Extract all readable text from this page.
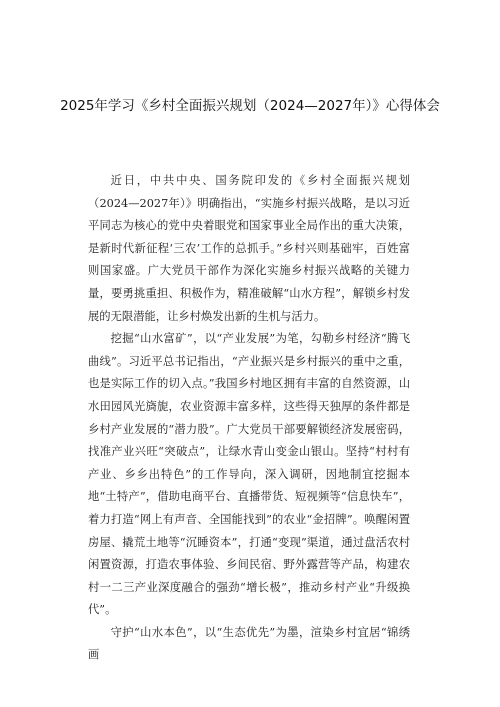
2025年学习《乡村全面振兴规划（2024—2027年）》心得体会

近日，中共中央、国务院印发的《乡村全面振兴规划（2024—2027年）》明确指出，“实施乡村振兴战略，是以习近平同志为核心的党中央着眼党和国家事业全局作出的重大决策，是新时代新征程‘三农’工作的总抓手。”乡村兴则基础牢，百姓富则国家盛。广大党员干部作为深化实施乡村振兴战略的关键力量，要勇挑重担、积极作为，精准破解“山水方程”，解锁乡村发展的无限潜能，让乡村焕发出新的生机与活力。

挖掘“山水富矿”，以“产业发展”为笔，勾勒乡村经济“腾飞曲线”。习近平总书记指出，“产业振兴是乡村振兴的重中之重，也是实际工作的切入点。”我国乡村地区拥有丰富的自然资源，山水田园风光旖旎，农业资源丰富多样，这些得天独厚的条件都是乡村产业发展的“潜力股”。广大党员干部要解锁经济发展密码，找准产业兴旺“突破点”，让绿水青山变金山银山。坚持“村村有产业、乡乡出特色”的工作导向，深入调研，因地制宜挖掘本地“土特产”，借助电商平台、直播带货、短视频等“信息快车”，着力打造“网上有声音、全国能找到”的农业“金招牌”。唤醒闲置房屋、撬荒土地等“沉睡资本”，打通“变现”渠道，通过盘活农村闲置资源，打造农事体验、乡间民宿、野外露营等产品，构建农村一二三产业深度融合的强劲“增长极”，推动乡村产业“升级换代”。

守护“山水本色”，以“生态优先”为墨，渲染乡村宜居“锦绣画
